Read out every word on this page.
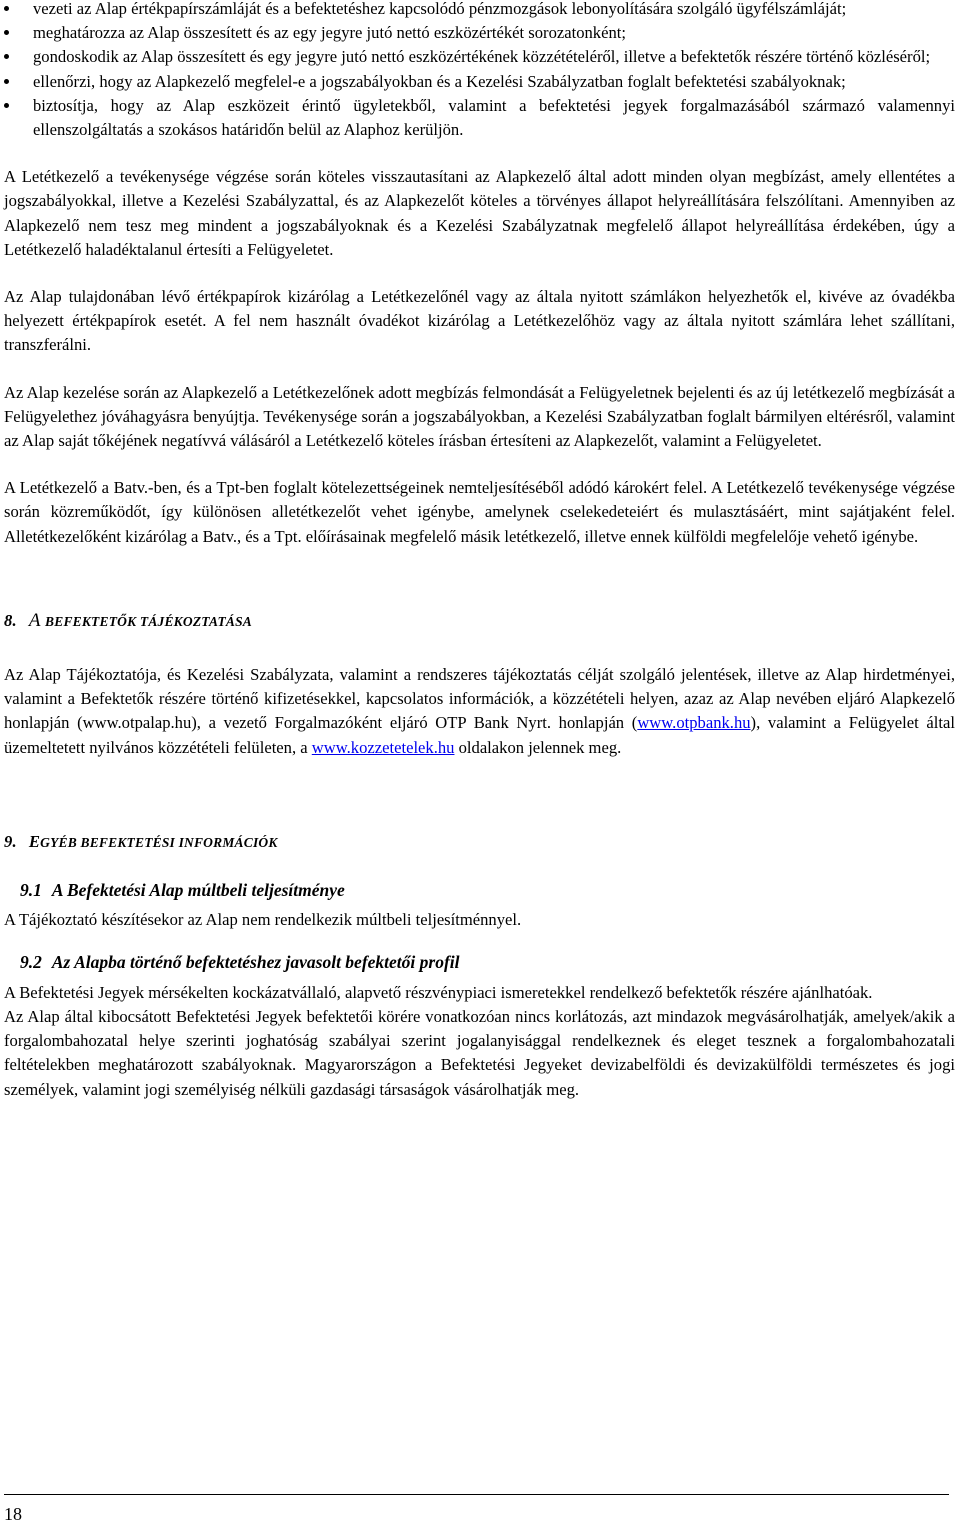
vezeti az Alap értékpapírszámláját és a befektetéshez kapcsolódó pénzmozgások lebonyolítására szolgáló ügyfélszámláját;
meghatározza az Alap összesített és az egy jegyre jutó nettó eszközértékét sorozatonként;
gondoskodik az Alap összesített és egy jegyre jutó nettó eszközértékének közzétételéről, illetve a befektetők részére történő közléséről;
ellenőrzi, hogy az Alapkezelő megfelel-e a jogszabályokban és a Kezelési Szabályzatban foglalt befektetési szabályoknak;
biztosítja, hogy az Alap eszközeit érintő ügyletekből, valamint a befektetési jegyek forgalmazásából származó valamennyi ellenszolgáltatás a szokásos határidőn belül az Alaphoz kerüljön.

A Letétkezelő a tevékenysége végzése során köteles visszautasítani az Alapkezelő által adott minden olyan megbízást, amely ellentétes a jogszabályokkal, illetve a Kezelési Szabályzattal, és az Alapkezelőt köteles a törvényes állapot helyreállítására felszólítani. Amennyiben az Alapkezelő nem tesz meg mindent a jogszabályoknak és a Kezelési Szabályzatnak megfelelő állapot helyreállítása érdekében, úgy a Letétkezelő haladéktalanul értesíti a Felügyeletet.

Az Alap tulajdonában lévő értékpapírok kizárólag a Letétkezelőnél vagy az általa nyitott számlákon helyezhetők el, kivéve az óvadékba helyezett értékpapírok esetét. A fel nem használt óvadékot kizárólag a Letétkezelőhöz vagy az általa nyitott számlára lehet szállítani, transzferálni.

Az Alap kezelése során az Alapkezelő a Letétkezelőnek adott megbízás felmondását a Felügyeletnek bejelenti és az új letétkezelő megbízását a Felügyelethez jóváhagyásra benyújtja. Tevékenysége során a jogszabályokban, a Kezelési Szabályzatban foglalt bármilyen eltérésről, valamint az Alap saját tőkéjének negatívvá válásáról a Letétkezelő köteles írásban értesíteni az Alapkezelőt, valamint a Felügyeletet.

A Letétkezelő a Batv.-ben, és a Tpt-ben foglalt kötelezettségeinek nemteljesítéséből adódó károkért felel. A Letétkezelő tevékenysége végzése során közreműködőt, így különösen alletétkezelőt vehet igénybe, amelynek cselekedeteiért és mulasztásáért, mint sajátjaként felel. Alletétkezelőként kizárólag a Batv., és a Tpt. előírásainak megfelelő másik letétkezelő, illetve ennek külföldi megfelelője vehető igénybe.

8. A BEFEKTETŐK TÁJÉKOZTATÁSA

Az Alap Tájékoztatója, és Kezelési Szabályzata, valamint a rendszeres tájékoztatás célját szolgáló jelentések, illetve az Alap hirdetményei, valamint a Befektetők részére történő kifizetésekkel, kapcsolatos információk, a közzétételi helyen, azaz az Alap nevében eljáró Alapkezelő honlapján (www.otpalap.hu), a vezető Forgalmazóként eljáró OTP Bank Nyrt. honlapján (www.otpbank.hu), valamint a Felügyelet által üzemeltetett nyilvános közzétételi felületen, a www.kozzetetelek.hu oldalakon jelennek meg.

9. EGYÉB BEFEKTETÉSI INFORMÁCIÓK

9.1 A Befektetési Alap múltbeli teljesítménye

A Tájékoztató készítésekor az Alap nem rendelkezik múltbeli teljesítménnyel.

9.2 Az Alapba történő befektetéshez javasolt befektetői profil

A Befektetési Jegyek mérsékelten kockázatvállaló, alapvető részvénypiaci ismeretekkel rendelkező befektetők részére ajánlhatóak.

Az Alap által kibocsátott Befektetési Jegyek befektetői körére vonatkozóan nincs korlátozás, azt mindazok megvásárolhatják, amelyek/akik a forgalombahozatal helye szerinti joghatóság szabályai szerint jogalanyisággal rendelkeznek és eleget tesznek a forgalombahozatali feltételekben meghatározott szabályoknak. Magyarországon a Befektetési Jegyeket devizabelföldi és devizakülföldi természetes és jogi személyek, valamint jogi személyiség nélküli gazdasági társaságok vásárolhatják meg.

18
